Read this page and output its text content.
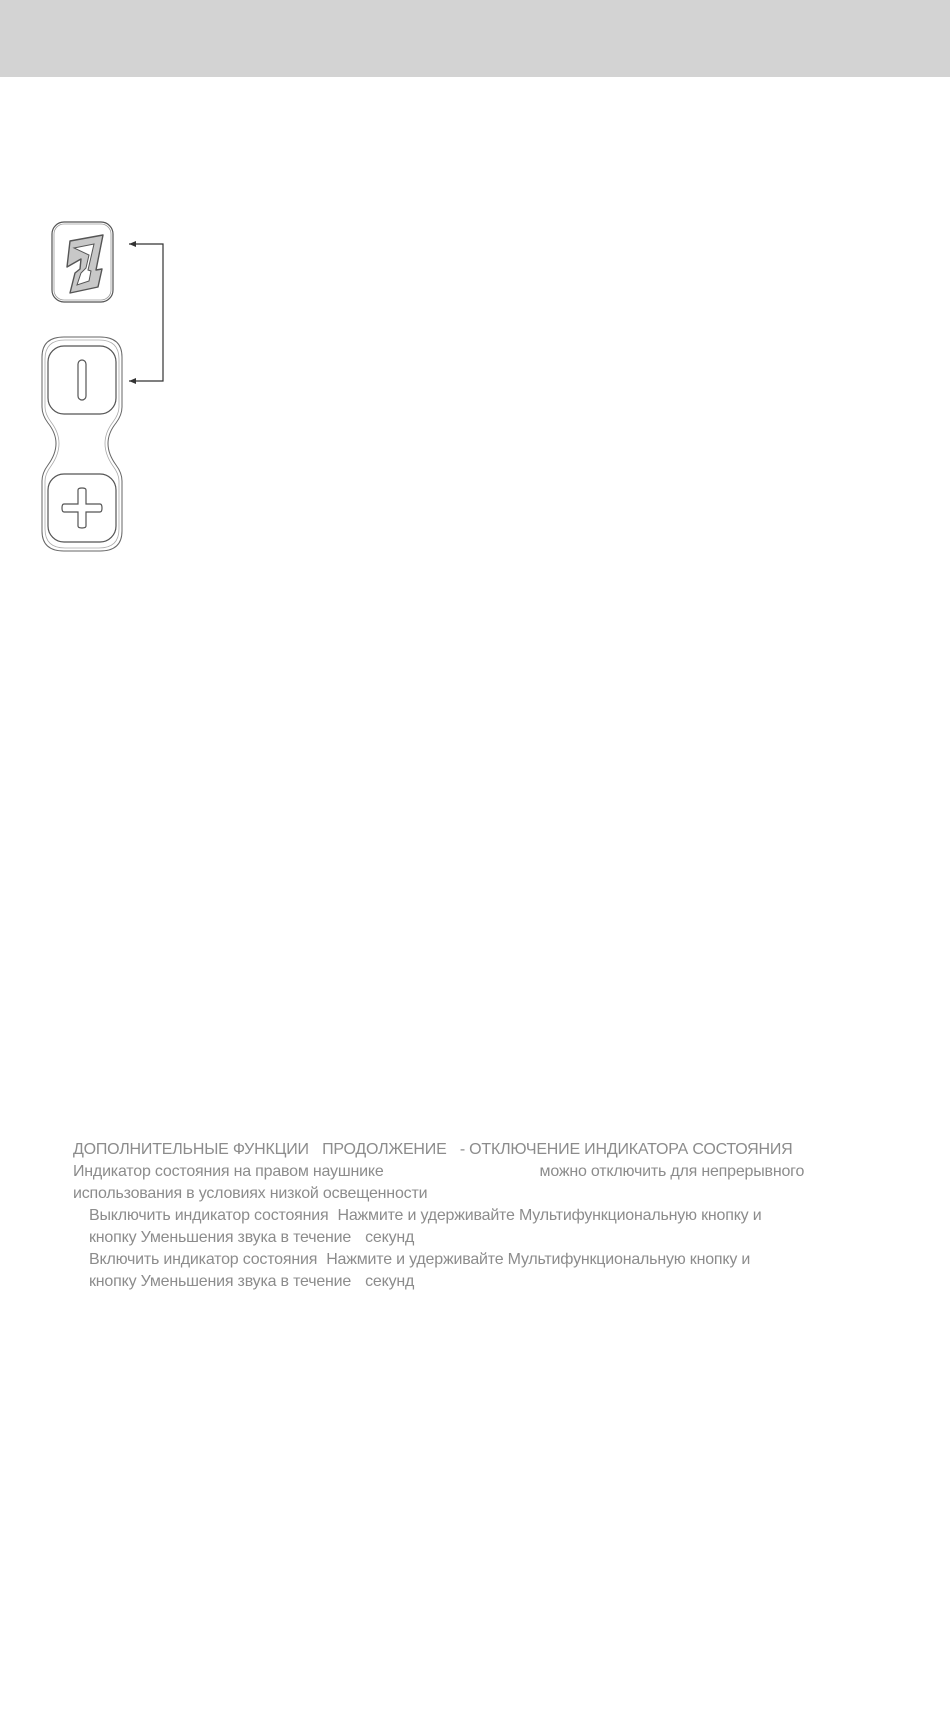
ДОПОЛНИТЕЛЬНЫЕ ФУНКЦИИ ПРОДОЛЖЕНИЕ - ОТКЛЮЧЕНИЕ ИНДИКАТОРА СОСТОЯНИЯ
Индикатор состояния на правом наушнике	можно отключить для непрерывного
использования в условиях низкой освещенности
Выключить индикатор состояния Нажмите и удерживайте Мультифункциональную кнопку и
кнопку Уменьшения звука в течение секунд
Включить индикатор состояния Нажмите и удерживайте Мультифункциональную кнопку и
кнопку Уменьшения звука в течение секунд
